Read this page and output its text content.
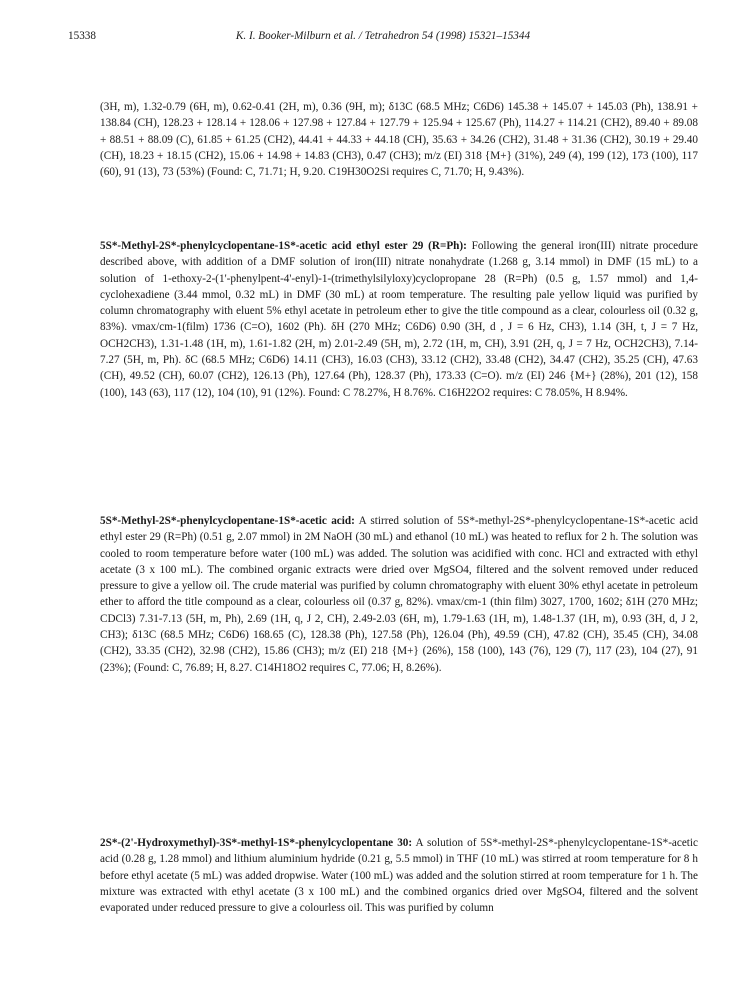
15338	K. I. Booker-Milburn et al. / Tetrahedron 54 (1998) 15321–15344

(3H, m), 1.32-0.79 (6H, m), 0.62-0.41 (2H, m), 0.36 (9H, m); δ13C (68.5 MHz; C6D6) 145.38 + 145.07 + 145.03 (Ph), 138.91 + 138.84 (CH), 128.23 + 128.14 + 128.06 + 127.98 + 127.84 + 127.79 + 125.94 + 125.67 (Ph), 114.27 + 114.21 (CH2), 89.40 + 89.08 + 88.51 + 88.09 (C), 61.85 + 61.25 (CH2), 44.41 + 44.33 + 44.18 (CH), 35.63 + 34.26 (CH2), 31.48 + 31.36 (CH2), 30.19 + 29.40 (CH), 18.23 + 18.15 (CH2), 15.06 + 14.98 + 14.83 (CH3), 0.47 (CH3); m/z (EI) 318 {M+} (31%), 249 (4), 199 (12), 173 (100), 117 (60), 91 (13), 73 (53%) (Found: C, 71.71; H, 9.20. C19H30O2Si requires C, 71.70; H, 9.43%).

5S*-Methyl-2S*-phenylcyclopentane-1S*-acetic acid ethyl ester 29 (R=Ph): Following the general iron(III) nitrate procedure described above, with addition of a DMF solution of iron(III) nitrate nonahydrate (1.268 g, 3.14 mmol) in DMF (15 mL) to a solution of 1-ethoxy-2-(1'-phenylpent-4'-enyl)-1-(trimethylsilyloxy)cyclopropane 28 (R=Ph) (0.5 g, 1.57 mmol) and 1,4-cyclohexadiene (3.44 mmol, 0.32 mL) in DMF (30 mL) at room temperature. The resulting pale yellow liquid was purified by column chromatography with eluent 5% ethyl acetate in petroleum ether to give the title compound as a clear, colourless oil (0.32 g, 83%). νmax/cm-1(film) 1736 (C=O), 1602 (Ph). δH (270 MHz; C6D6) 0.90 (3H, d , J = 6 Hz, CH3), 1.14 (3H, t, J = 7 Hz, OCH2CH3), 1.31-1.48 (1H, m), 1.61-1.82 (2H, m) 2.01-2.49 (5H, m), 2.72 (1H, m, CH), 3.91 (2H, q, J = 7 Hz, OCH2CH3), 7.14-7.27 (5H, m, Ph). δC (68.5 MHz; C6D6) 14.11 (CH3), 16.03 (CH3), 33.12 (CH2), 33.48 (CH2), 34.47 (CH2), 35.25 (CH), 47.63 (CH), 49.52 (CH), 60.07 (CH2), 126.13 (Ph), 127.64 (Ph), 128.37 (Ph), 173.33 (C=O). m/z (EI) 246 {M+} (28%), 201 (12), 158 (100), 143 (63), 117 (12), 104 (10), 91 (12%). Found: C 78.27%, H 8.76%. C16H22O2 requires: C 78.05%, H 8.94%.

5S*-Methyl-2S*-phenylcyclopentane-1S*-acetic acid: A stirred solution of 5S*-methyl-2S*-phenylcyclopentane-1S*-acetic acid ethyl ester 29 (R=Ph) (0.51 g, 2.07 mmol) in 2M NaOH (30 mL) and ethanol (10 mL) was heated to reflux for 2 h. The solution was cooled to room temperature before water (100 mL) was added. The solution was acidified with conc. HCl and extracted with ethyl acetate (3 x 100 mL). The combined organic extracts were dried over MgSO4, filtered and the solvent removed under reduced pressure to give a yellow oil. The crude material was purified by column chromatography with eluent 30% ethyl acetate in petroleum ether to afford the title compound as a clear, colourless oil (0.37 g, 82%). νmax/cm-1 (thin film) 3027, 1700, 1602; δ1H (270 MHz; CDCl3) 7.31-7.13 (5H, m, Ph), 2.69 (1H, q, J 2, CH), 2.49-2.03 (6H, m), 1.79-1.63 (1H, m), 1.48-1.37 (1H, m), 0.93 (3H, d, J 2, CH3); δ13C (68.5 MHz; C6D6) 168.65 (C), 128.38 (Ph), 127.58 (Ph), 126.04 (Ph), 49.59 (CH), 47.82 (CH), 35.45 (CH), 34.08 (CH2), 33.35 (CH2), 32.98 (CH2), 15.86 (CH3); m/z (EI) 218 {M+} (26%), 158 (100), 143 (76), 129 (7), 117 (23), 104 (27), 91 (23%); (Found: C, 76.89; H, 8.27. C14H18O2 requires C, 77.06; H, 8.26%).

2S*-(2'-Hydroxymethyl)-3S*-methyl-1S*-phenylcyclopentane 30: A solution of 5S*-methyl-2S*-phenylcyclopentane-1S*-acetic acid (0.28 g, 1.28 mmol) and lithium aluminium hydride (0.21 g, 5.5 mmol) in THF (10 mL) was stirred at room temperature for 8 h before ethyl acetate (5 mL) was added dropwise. Water (100 mL) was added and the solution stirred at room temperature for 1 h. The mixture was extracted with ethyl acetate (3 x 100 mL) and the combined organics dried over MgSO4, filtered and the solvent evaporated under reduced pressure to give a colourless oil. This was purified by column
